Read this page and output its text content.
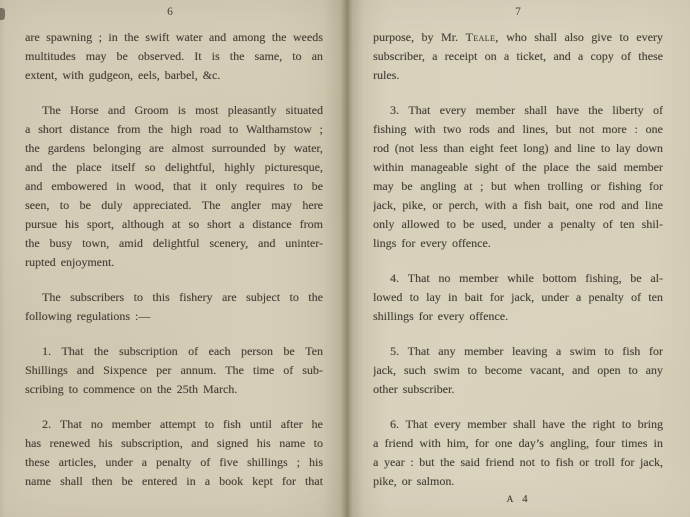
6
are spawning ; in the swift water and among the weeds
multitudes may be observed. It is the same, to an
extent, with gudgeon, eels, barbel, &c.
The Horse and Groom is most pleasantly situated
a short distance from the high road to Walthamstow ;
the gardens belonging are almost surrounded by water,
and the place itself so delightful, highly picturesque,
and embowered in wood, that it only requires to be
seen, to be duly appreciated. The angler may here
pursue his sport, although at so short a distance from
the busy town, amid delightful scenery, and uninter-
rupted enjoyment.
The subscribers to this fishery are subject to the
following regulations :—
1. That the subscription of each person be Ten
Shillings and Sixpence per annum. The time of sub-
scribing to commence on the 25th March.
2. That no member attempt to fish until after he
has renewed his subscription, and signed his name to
these articles, under a penalty of five shillings ; his
name shall then be entered in a book kept for that
7
purpose, by Mr. Teale, who shall also give to every
subscriber, a receipt on a ticket, and a copy of these
rules.
3. That every member shall have the liberty of
fishing with two rods and lines, but not more : one
rod (not less than eight feet long) and line to lay down
within manageable sight of the place the said member
may be angling at ; but when trolling or fishing for
jack, pike, or perch, with a fish bait, one rod and line
only allowed to be used, under a penalty of ten shil-
lings for every offence.
4. That no member while bottom fishing, be al-
lowed to lay in bait for jack, under a penalty of ten
shillings for every offence.
5. That any member leaving a swim to fish for
jack, such swim to become vacant, and open to any
other subscriber.
6. That every member shall have the right to bring
a friend with him, for one day’s angling, four times in
a year : but the said friend not to fish or troll for jack,
pike, or salmon.
A 4
